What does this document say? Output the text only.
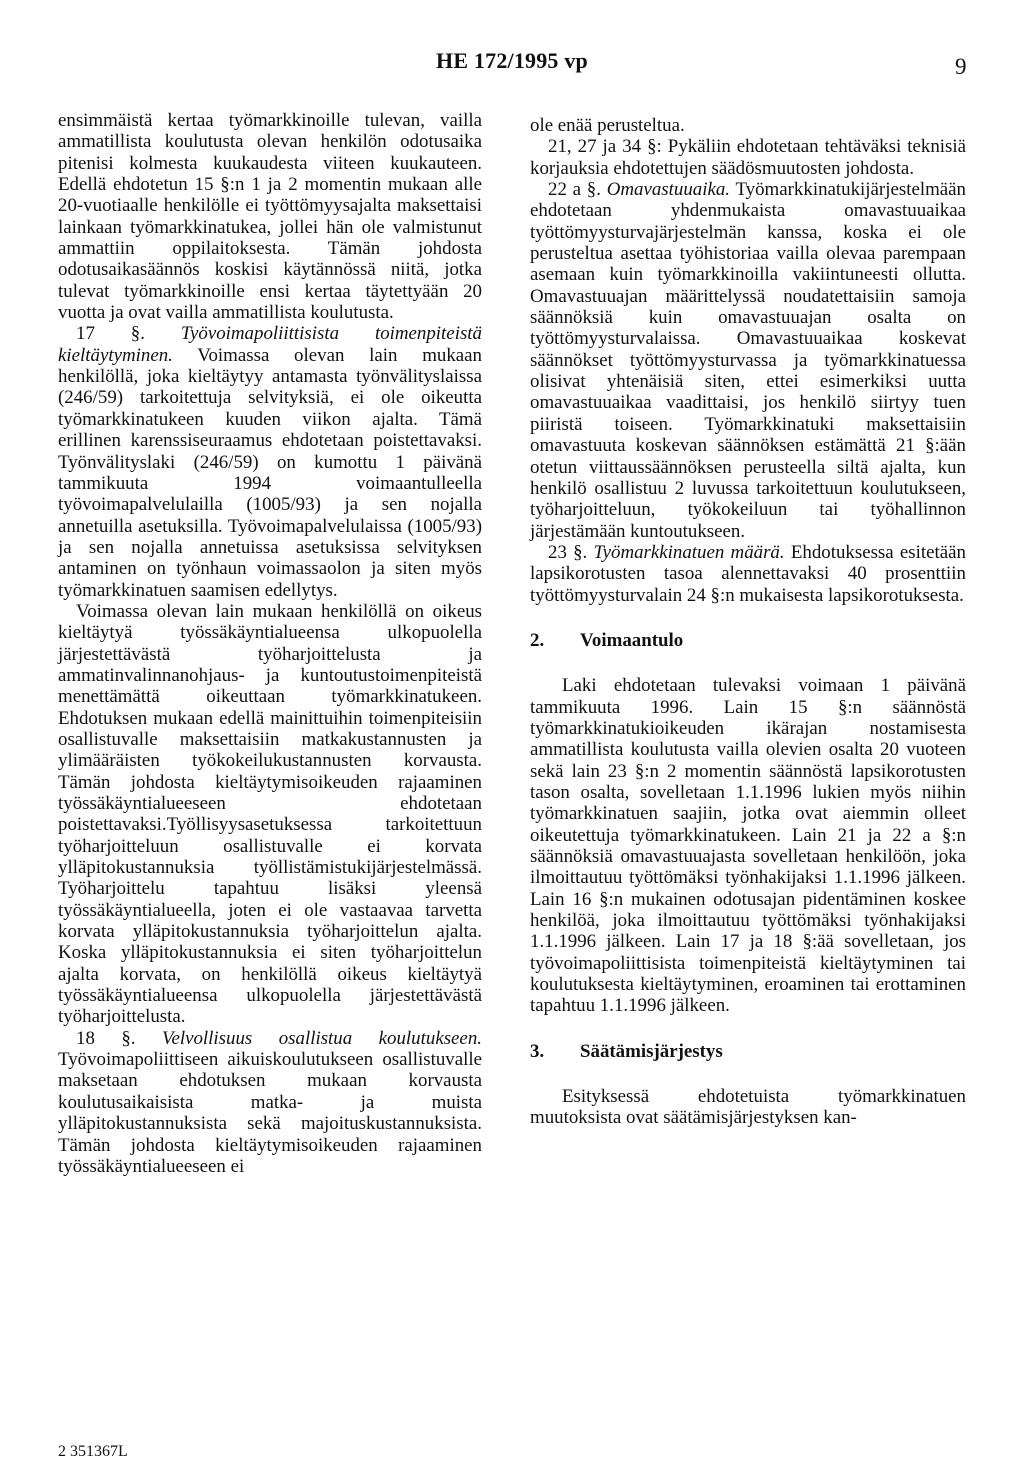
HE 172/1995 vp	9

ensimmäistä kertaa työmarkkinoille tulevan, vailla ammatillista koulutusta olevan henkilön odotusaika pitenisi kolmesta kuukaudesta viiteen kuukauteen. Edellä ehdotetun 15 §:n 1 ja 2 momentin mukaan alle 20-vuotiaalle henkilölle ei työttömyysajalta maksettaisi lainkaan työmarkkinatukea, jollei hän ole valmistunut ammattiin oppilaitoksesta. Tämän johdosta odotusaikasäännös koskisi käytännössä niitä, jotka tulevat työmarkkinoille ensi kertaa täytettyään 20 vuotta ja ovat vailla ammatillista koulutusta.

17 §. Työvoimapoliittisista toimenpiteistä kieltäytyminen. Voimassa olevan lain mukaan henkilöllä, joka kieltäytyy antamasta työnvälityslaissa (246/59) tarkoitettuja selvityksiä, ei ole oikeutta työmarkkinatukeen kuuden viikon ajalta. Tämä erillinen karenssiseuraamus ehdotetaan poistettavaksi. Työnvälityslaki (246/59) on kumottu 1 päivänä tammikuuta 1994 voimaantulleella työvoimapalvelulailla (1005/93) ja sen nojalla annetuilla asetuksilla. Työvoimapalvelulaissa (1005/93) ja sen nojalla annetuissa asetuksissa selvityksen antaminen on työnhaun voimassaolon ja siten myös työmarkkinatuen saamisen edellytys.

Voimassa olevan lain mukaan henkilöllä on oikeus kieltäytyä työssäkäyntialueensa ulkopuolella järjestettävästä työharjoittelusta ja ammatinvalinnanohjaus- ja kuntoutustoimenpiteistä menettämättä oikeuttaan työmarkkinatukeen. Ehdotuksen mukaan edellä mainittuihin toimenpiteisiin osallistuvalle maksettaisiin matkakustannusten ja ylimääräisten työkokeilukustannusten korvausta. Tämän johdosta kieltäytymisoikeuden rajaaminen työssäkäyntialueeseen ehdotetaan poistettavaksi.Työllisyysasetuksessa tarkoitettuun työharjoitteluun osallistuvalle ei korvata ylläpitokustannuksia työllistämistukijärjestelmässä. Työharjoittelu tapahtuu lisäksi yleensä työssäkäyntialueella, joten ei ole vastaavaa tarvetta korvata ylläpitokustannuksia työharjoittelun ajalta. Koska ylläpitokustannuksia ei siten työharjoittelun ajalta korvata, on henkilöllä oikeus kieltäytyä työssäkäyntialueensa ulkopuolella järjestettävästä työharjoittelusta.

18 §. Velvollisuus osallistua koulutukseen. Työvoimapoliittiseen aikuiskoulutukseen osallistuvalle maksetaan ehdotuksen mukaan korvausta koulutusaikaisista matka- ja muista ylläpitokustannuksista sekä majoituskustannuksista. Tämän johdosta kieltäytymisoikeuden rajaaminen työssäkäyntialueeseen ei

ole enää perusteltua.

21, 27 ja 34 §: Pykäliin ehdotetaan tehtäväksi teknisiä korjauksia ehdotettujen säädösmuutosten johdosta.

22 a §. Omavastuuaika. Työmarkkinatukijärjestelmään ehdotetaan yhdenmukaista omavastuuaikaa työttömyysturvajärjestelmän kanssa, koska ei ole perusteltua asettaa työhistoriaa vailla olevaa parempaan asemaan kuin työmarkkinoilla vakiintuneesti ollutta. Omavastuuajan määrittelyssä noudatettaisiin samoja säännöksiä kuin omavastuuajan osalta on työttömyysturvalaissa. Omavastuuaikaa koskevat säännökset työttömyysturvassa ja työmarkkinatuessa olisivat yhtenäisiä siten, ettei esimerkiksi uutta omavastuuaikaa vaadittaisi, jos henkilö siirtyy tuen piiristä toiseen. Työmarkkinatuki maksettaisiin omavastuuta koskevan säännöksen estämättä 21 §:ään otetun viittaussäännöksen perusteella siltä ajalta, kun henkilö osallistuu 2 luvussa tarkoitettuun koulutukseen, työharjoitteluun, työkokeiluun tai työhallinnon järjestämään kuntoutukseen.

23 §. Työmarkkinatuen määrä. Ehdotuksessa esitetään lapsikorotusten tasoa alennettavaksi 40 prosenttiin työttömyysturvalain 24 §:n mukaisesta lapsikorotuksesta.

2. Voimaantulo

Laki ehdotetaan tulevaksi voimaan 1 päivänä tammikuuta 1996. Lain 15 §:n säännöstä työmarkkinatukioikeuden ikärajan nostamisesta ammatillista koulutusta vailla olevien osalta 20 vuoteen sekä lain 23 §:n 2 momentin säännöstä lapsikorotusten tason osalta, sovelletaan 1.1.1996 lukien myös niihin työmarkkinatuen saajiin, jotka ovat aiemmin olleet oikeutettuja työmarkkinatukeen. Lain 21 ja 22 a §:n säännöksiä omavastuuajasta sovelletaan henkilöön, joka ilmoittautuu työttömäksi työnhakijaksi 1.1.1996 jälkeen. Lain 16 §:n mukainen odotusajan pidentäminen koskee henkilöä, joka ilmoittautuu työttömäksi työnhakijaksi 1.1.1996 jälkeen. Lain 17 ja 18 §:ää sovelletaan, jos työvoimapoliittisista toimenpiteistä kieltäytyminen tai koulutuksesta kieltäytyminen, eroaminen tai erottaminen tapahtuu 1.1.1996 jälkeen.

3. Säätämisjärjestys

Esityksessä ehdotetuista työmarkkinatuen muutoksista ovat säätämisjärjestyksen kan-

2 351367L
